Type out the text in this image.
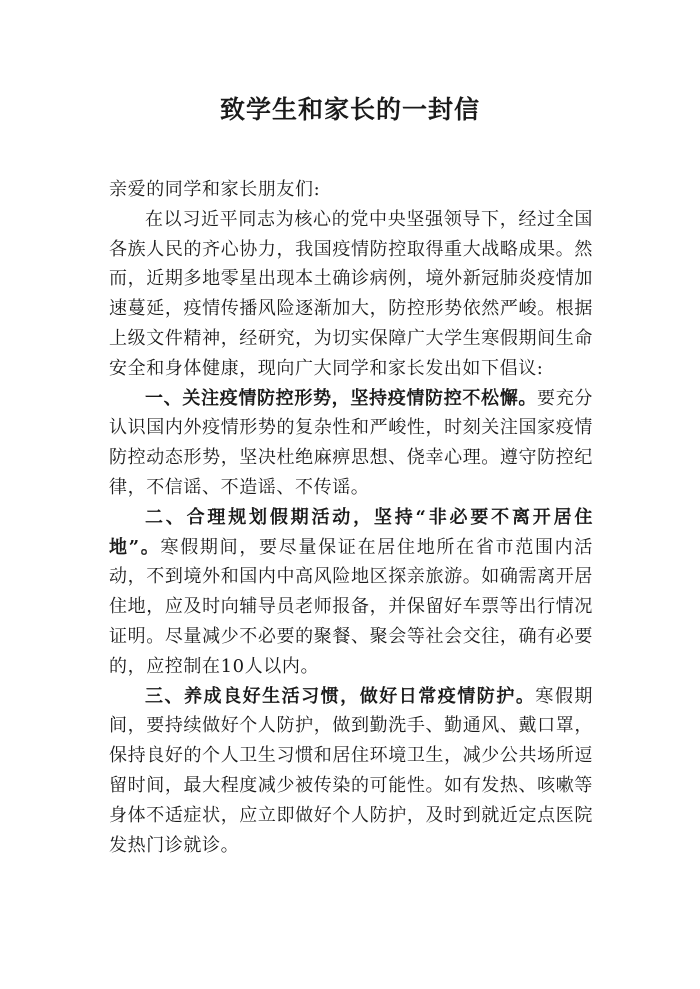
致学生和家长的一封信

亲爱的同学和家长朋友们:

在以习近平同志为核心的党中央坚强领导下，经过全国各族人民的齐心协力，我国疫情防控取得重大战略成果。然而，近期多地零星出现本土确诊病例，境外新冠肺炎疫情加速蔓延，疫情传播风险逐渐加大，防控形势依然严峻。根据上级文件精神，经研究，为切实保障广大学生寒假期间生命安全和身体健康，现向广大同学和家长发出如下倡议:

一、关注疫情防控形势，坚持疫情防控不松懈。要充分认识国内外疫情形势的复杂性和严峻性，时刻关注国家疫情防控动态形势，坚决杜绝麻痹思想、侥幸心理。遵守防控纪律，不信谣、不造谣、不传谣。

二、合理规划假期活动，坚持“非必要不离开居住地”。寒假期间，要尽量保证在居住地所在省市范围内活动，不到境外和国内中高风险地区探亲旅游。如确需离开居住地，应及时向辅导员老师报备，并保留好车票等出行情况证明。尽量减少不必要的聚餐、聚会等社会交往，确有必要的，应控制在10人以内。

三、养成良好生活习惯，做好日常疫情防护。寒假期间，要持续做好个人防护，做到勤洗手、勤通风、戴口罩，保持良好的个人卫生习惯和居住环境卫生，减少公共场所逗留时间，最大程度减少被传染的可能性。如有发热、咳嗽等身体不适症状，应立即做好个人防护，及时到就近定点医院发热门诊就诊。
